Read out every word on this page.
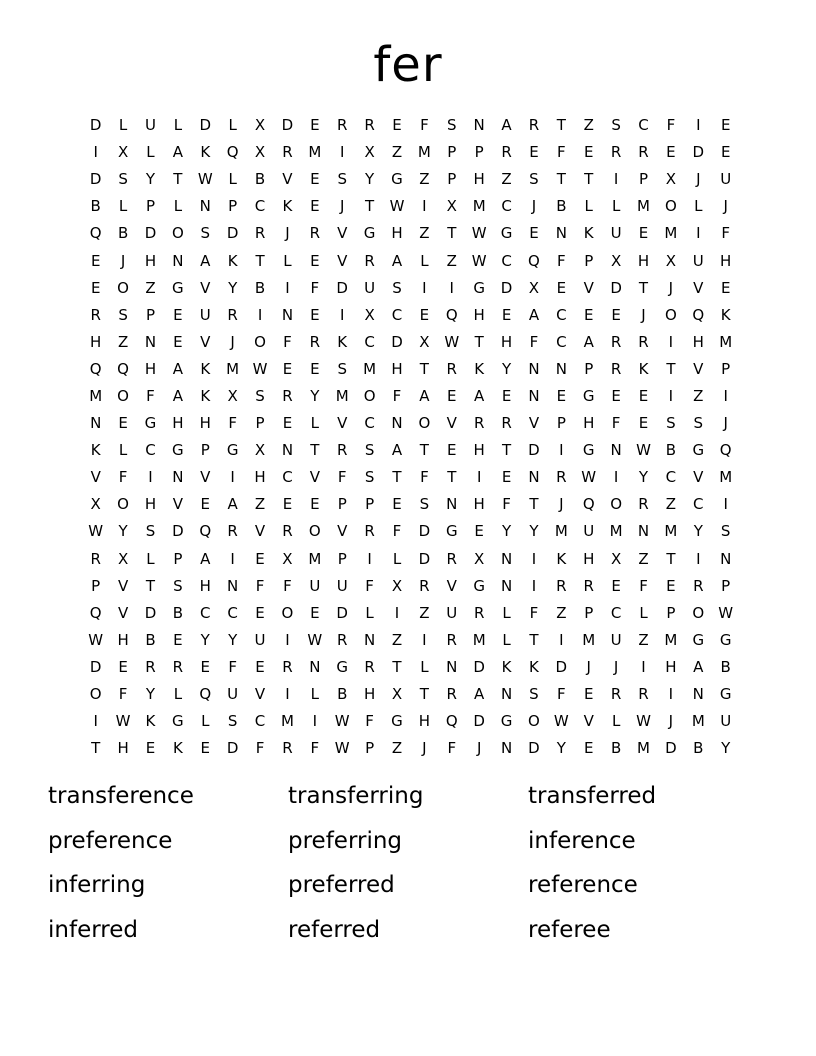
fer
D	L	U	L	D	L	X	D	E	R	R	E	F	S	N	A	R	T	Z	S	C	F	I	E
I	X	L	A	K	Q	X	R	M	I	X	Z	M	P	P	R	E	F	E	R	R	E	D	E
D	S	Y	T	W	L	B	V	E	S	Y	G	Z	P	H	Z	S	T	T	I	P	X	J	U
B	L	P	L	N	P	C	K	E	J	T	W	I	X	M	C	J	B	L	L	M	O	L	J
Q	B	D	O	S	D	R	J	R	V	G	H	Z	T	W G	E	N	K	U	E	M	I	F
E	J	H	N	A	K	T	L	E	V	R	A	L	Z W C	Q	F	P	X	H	X	U	H
E	O	Z	G	V	Y	B	I	F	D	U	S	I	I	G	D	X	E	V	D	T	J	V	E
R	S	P	E	U	R	I	N	E	I	X	C	E	Q	H	E	A	C	E	E	J	O	Q	K
H	Z	N	E	V	J	O	F	R	K	C	D	X W	T	H	F	C	A	R	R	I	H	M
Q	Q	H	A	K	M W	E	E	S	M	H	T	R	K	Y	N	N	P	R	K	T	V	P
M	O	F	A	K	X	S	R	Y	M	O	F	A	E	A	E	N	E	G	E	E	I	Z	I
N	E	G	H	H	F	P	E	L	V	C	N	O	V	R	R	V	P	H	F	E	S	S	J
K	L	C	G	P	G	X	N	T	R	S	A	T	E	H	T	D	I	G	N W B	G	Q
V	F	I	N	V	I	H	C	V	F	S	T	F	T	I	E	N	R W	I	Y	C	V	M
X	O	H	V	E	A	Z	E	E	P	P	E	S	N	H	F	T	J	Q	O	R	Z	C	I
W	Y	S	D	Q	R	V	R	O	V	R	F	D	G	E	Y	Y	M	U	M	N	M	Y	S
R	X	L	P	A	I	E	X	M	P	I	L	D	R	X	N	I	K	H	X	Z	T	I	N
P	V	T	S	H	N	F	F	U	U	F	X	R	V	G	N	I	R	R	E	F	E	R	P
Q	V	D	B	C	C	E	O	E	D	L	I	Z	U	R	L	F	Z	P	C	L	P	O W
W H	B	E	Y	Y	U	I	W R	N	Z	I	R	M	L	T	I	M	U	Z	M	G	G
D	E	R	R	E	F	E	R	N	G	R	T	L	N	D	K	K	D	J	J	I	H	A	B
O	F	Y	L	Q	U	V	I	L	B	H	X	T	R	A	N	S	F	E	R	R	I	N	G
I	W	K	G	L	S	C	M	I	W	F	G	H	Q	D	G	O W V	L	W	J	M	U
T	H	E	K	E	D	F	R	F	W	P	Z	J	F	J	N	D	Y	E	B	M	D	B	Y
transference	transferring	transferred
preference	preferring	inference
inferring	preferred	reference
inferred	referred	referee
